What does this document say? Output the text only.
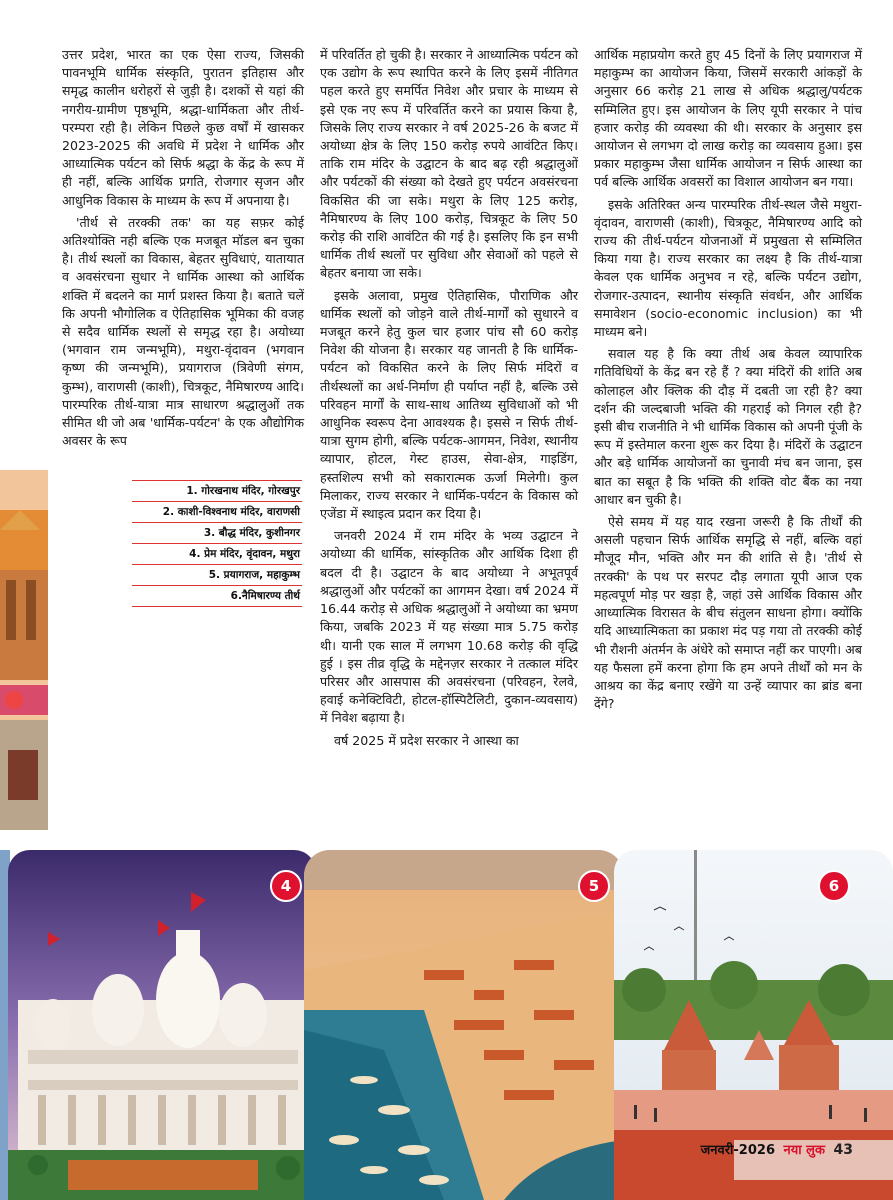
उत्तर प्रदेश, भारत का एक ऐसा राज्य, जिसकी पावनभूमि धार्मिक संस्कृति, पुरातन इतिहास और समृद्ध कालीन धरोहरों से जुड़ी है। दशकों से यहां की नगरीय-ग्रामीण पृष्ठभूमि, श्रद्धा-धार्मिकता और तीर्थ-परम्परा रही है। लेकिन पिछले कुछ वर्षों में खासकर 2023-2025 की अवधि में प्रदेश ने धार्मिक और आध्यात्मिक पर्यटन को सिर्फ श्रद्धा के केंद्र के रूप में ही नहीं, बल्कि आर्थिक प्रगति, रोजगार सृजन और आधुनिक विकास के माध्यम के रूप में अपनाया है।

'तीर्थ से तरक्की तक' का यह सफ़र कोई अतिश्योक्ति नही बल्कि एक मजबूत मॉडल बन चुका है। तीर्थ स्थलों का विकास, बेहतर सुविधाएं, यातायात व अवसंरचना सुधार ने धार्मिक आस्था को आर्थिक शक्ति में बदलने का मार्ग प्रशस्त किया है। बताते चलें कि अपनी भौगोलिक व ऐतिहासिक भूमिका की वजह से सदैव धार्मिक स्थलों से समृद्ध रहा है। अयोध्या (भगवान राम जन्मभूमि), मथुरा-वृंदावन (भगवान कृष्ण की जन्मभूमि), प्रयागराज (त्रिवेणी संगम, कुम्भ), वाराणसी (काशी), चित्रकूट, नैमिषारण्य आदि। पारम्परिक तीर्थ-यात्रा मात्र साधारण श्रद्धालुओं तक सीमित थी जो अब 'धार्मिक-पर्यटन' के एक औद्योगिक अवसर के रूप

में परिवर्तित हो चुकी है। सरकार ने आध्यात्मिक पर्यटन को एक उद्योग के रूप स्थापित करने के लिए इसमें नीतिगत पहल करते हुए समर्पित निवेश और प्रचार के माध्यम से इसे एक नए रूप में परिवर्तित करने का प्रयास किया है, जिसके लिए राज्य सरकार ने वर्ष 2025-26 के बजट में अयोध्या क्षेत्र के लिए 150 करोड़ रुपये आवंटित किए। ताकि राम मंदिर के उद्घाटन के बाद बढ़ रही श्रद्धालुओं और पर्यटकों की संख्या को देखते हुए पर्यटन अवसंरचना विकसित की जा सके। मथुरा के लिए 125 करोड़, नैमिषारण्य के लिए 100 करोड़, चित्रकूट के लिए 50 करोड़ की राशि आवंटित की गई है। इसलिए कि इन सभी धार्मिक तीर्थ स्थलों पर सुविधा और सेवाओं को पहले से बेहतर बनाया जा सके।

इसके अलावा, प्रमुख ऐतिहासिक, पौराणिक और धार्मिक स्थलों को जोड़ने वाले तीर्थ-मार्गों को सुधारने व मजबूत करने हेतु कुल चार हजार पांच सौ 60 करोड़ निवेश की योजना है। सरकार यह जानती है कि धार्मिक-पर्यटन को विकसित करने के लिए सिर्फ मंदिरों व तीर्थस्थलों का अर्ध-निर्माण ही पर्याप्त नहीं है, बल्कि उसे परिवहन मार्गों के साथ-साथ आतिथ्य सुविधाओं को भी आधुनिक स्वरूप देना आवश्यक है। इससे न सिर्फ तीर्थ-यात्रा सुगम होगी, बल्कि पर्यटक-आगमन, निवेश, स्थानीय व्यापार, होटल, गेस्ट हाउस, सेवा-क्षेत्र, गाइडिंग, हस्तशिल्प सभी को सकारात्मक ऊर्जा मिलेगी। कुल मिलाकर, राज्य सरकार ने धार्मिक-पर्यटन के विकास को एजेंडा में स्थाइत्व प्रदान कर दिया है।

जनवरी 2024 में राम मंदिर के भव्य उद्घाटन ने अयोध्या की धार्मिक, सांस्कृतिक और आर्थिक दिशा ही बदल दी है। उद्घाटन के बाद अयोध्या ने अभूतपूर्व श्रद्धालुओं और पर्यटकों का आगमन देखा। वर्ष 2024 में 16.44 करोड़ से अधिक श्रद्धालुओं ने अयोध्या का भ्रमण किया, जबकि 2023 में यह संख्या मात्र 5.75 करोड़ थी। यानी एक साल में लगभग 10.68 करोड़ की वृद्धि हुई । इस तीव्र वृद्धि के मद्देनज़र सरकार ने तत्काल मंदिर परिसर और आसपास की अवसंरचना (परिवहन, रेलवे, हवाई कनेक्टिविटी, होटल-हॉस्पिटैलिटी, दुकान-व्यवसाय) में निवेश बढ़ाया है।

वर्ष 2025 में प्रदेश सरकार ने आस्था का

आर्थिक महाप्रयोग करते हुए 45 दिनों के लिए प्रयागराज में महाकुम्भ का आयोजन किया, जिसमें सरकारी आंकड़ों के अनुसार 66 करोड़ 21 लाख से अधिक श्रद्धालु/पर्यटक सम्मिलित हुए। इस आयोजन के लिए यूपी सरकार ने पांच हजार करोड़ की व्यवस्था की थी। सरकार के अनुसार इस आयोजन से लगभग दो लाख करोड़ का व्यवसाय हुआ। इस प्रकार महाकुम्भ जैसा धार्मिक आयोजन न सिर्फ आस्था का पर्व बल्कि आर्थिक अवसरों का विशाल आयोजन बन गया।

इसके अतिरिक्त अन्य पारम्परिक तीर्थ-स्थल जैसे मथुरा-वृंदावन, वाराणसी (काशी), चित्रकूट, नैमिषारण्य आदि को राज्य की तीर्थ-पर्यटन योजनाओं में प्रमुखता से सम्मिलित किया गया है। राज्य सरकार का लक्ष्य है कि तीर्थ-यात्रा केवल एक धार्मिक अनुभव न रहे, बल्कि पर्यटन उद्योग, रोजगार-उत्पादन, स्थानीय संस्कृति संवर्धन, और आर्थिक समावेशन (socio-economic inclusion) का भी माध्यम बने।

सवाल यह है कि क्या तीर्थ अब केवल व्यापारिक गतिविधियों के केंद्र बन रहे हैं ? क्या मंदिरों की शांति अब कोलाहल और क्लिक की दौड़ में दबती जा रही है? क्या दर्शन की जल्दबाजी भक्ति की गहराई को निगल रही है? इसी बीच राजनीति ने भी धार्मिक विकास को अपनी पूंजी के रूप में इस्तेमाल करना शुरू कर दिया है। मंदिरों के उद्घाटन और बड़े धार्मिक आयोजनों का चुनावी मंच बन जाना, इस बात का सबूत है कि भक्ति की शक्ति वोट बैंक का नया आधार बन चुकी है।

ऐसे समय में यह याद रखना जरूरी है कि तीर्थों की असली पहचान सिर्फ आर्थिक समृद्धि से नहीं, बल्कि वहां मौजूद मौन, भक्ति और मन की शांति से है। 'तीर्थ से तरक्की' के पथ पर सरपट दौड़ लगाता यूपी आज एक महत्वपूर्ण मोड़ पर खड़ा है, जहां उसे आर्थिक विकास और आध्यात्मिक विरासत के बीच संतुलन साधना होगा। क्योंकि यदि आध्यात्मिकता का प्रकाश मंद पड़ गया तो तरक्की कोई भी रौशनी अंतर्मन के अंधेरे को समाप्त नहीं कर पाएगी। अब यह फैसला हमें करना होगा कि हम अपने तीर्थों को मन के आश्रय का केंद्र बनाए रखेंगे या उन्हें व्यापार का ब्रांड बना देंगे?

1. गोरखनाथ मंदिर, गोरखपुर
2. काशी-विश्वनाथ मंदिर, वाराणसी
3. बौद्ध मंदिर, कुशीनगर
4. प्रेम मंदिर, वृंदावन, मथुरा
5. प्रयागराज, महाकुम्भ
6.नैमिषारण्य तीर्थ
4	5	6
जनवरी-2026 नया लुक 43
